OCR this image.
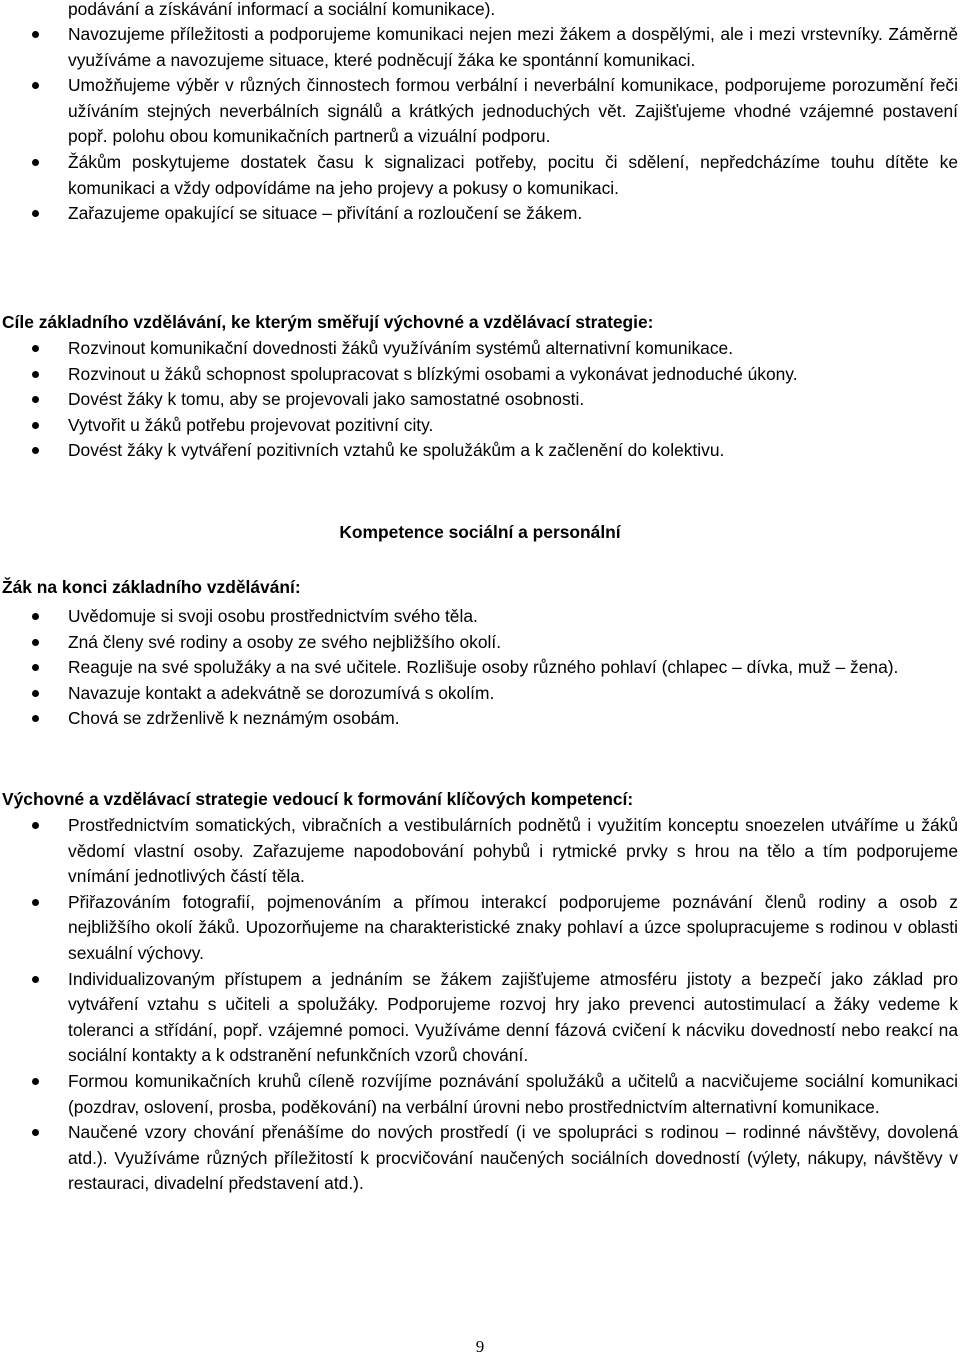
podávání a získávání informací a sociální komunikace).
Navozujeme příležitosti a podporujeme komunikaci nejen mezi žákem a dospělými, ale i mezi vrstevníky. Záměrně využíváme a navozujeme situace, které podněcují žáka ke spontánní komunikaci.
Umožňujeme výběr v různých činnostech formou verbální i neverbální komunikace, podporujeme porozumění řeči užíváním stejných neverbálních signálů a krátkých jednoduchých vět. Zajišťujeme vhodné vzájemné postavení popř. polohu obou komunikačních partnerů a vizuální podporu.
Žákům poskytujeme dostatek času k signalizaci potřeby, pocitu či sdělení, nepředcházíme touhu dítěte ke komunikaci a vždy odpovídáme na jeho projevy a pokusy o komunikaci.
Zařazujeme opakující se situace – přivítání a rozloučení se žákem.
Cíle základního vzdělávání, ke kterým směřují výchovné a vzdělávací strategie:
Rozvinout komunikační dovednosti žáků využíváním systémů alternativní komunikace.
Rozvinout u žáků schopnost spolupracovat s blízkými osobami a vykonávat jednoduché úkony.
Dovést žáky k tomu, aby se projevovali jako samostatné osobnosti.
Vytvořit u žáků potřebu projevovat pozitivní city.
Dovést žáky k vytváření pozitivních vztahů ke spolužákům a k začlenění do kolektivu.
Kompetence sociální a personální
Žák na konci základního vzdělávání:
Uvědomuje si svoji osobu prostřednictvím svého těla.
Zná členy své rodiny a osoby ze svého nejbližšího okolí.
Reaguje na své spolužáky a na své učitele. Rozlišuje osoby různého pohlaví (chlapec – dívka, muž – žena).
Navazuje kontakt a adekvátně se dorozumívá s okolím.
Chová se zdrženlivě k neznámým osobám.
Výchovné a vzdělávací strategie vedoucí k formování klíčových kompetencí:
Prostřednictvím somatických, vibračních a vestibulárních podnětů i využitím konceptu snoezelen utváříme u žáků vědomí vlastní osoby. Zařazujeme napodobování pohybů i rytmické prvky s hrou na tělo a tím podporujeme vnímání jednotlivých částí těla.
Přiřazováním fotografií, pojmenováním a přímou interakcí podporujeme poznávání členů rodiny a osob z nejbližšího okolí žáků. Upozorňujeme na charakteristické znaky pohlaví a úzce spolupracujeme s rodinou v oblasti sexuální výchovy.
Individualizovaným přístupem a jednáním se žákem zajišťujeme atmosféru jistoty a bezpečí jako základ pro vytváření vztahu s učiteli a spolužáky. Podporujeme rozvoj hry jako prevenci autostimulací a žáky vedeme k toleranci a střídání, popř. vzájemné pomoci. Využíváme denní fázová cvičení k nácviku dovedností nebo reakcí na sociální kontakty a k odstranění nefunkčních vzorů chování.
Formou komunikačních kruhů cíleně rozvíjíme poznávání spolužáků a učitelů a nacvičujeme sociální komunikaci (pozdrav, oslovení, prosba, poděkování) na verbální úrovni nebo prostřednictvím alternativní komunikace.
Naučené vzory chování přenášíme do nových prostředí (i ve spolupráci s rodinou – rodinné návštěvy, dovolená atd.). Využíváme různých příležitostí k procvičování naučených sociálních dovedností (výlety, nákupy, návštěvy v restauraci, divadelní představení atd.).
9
